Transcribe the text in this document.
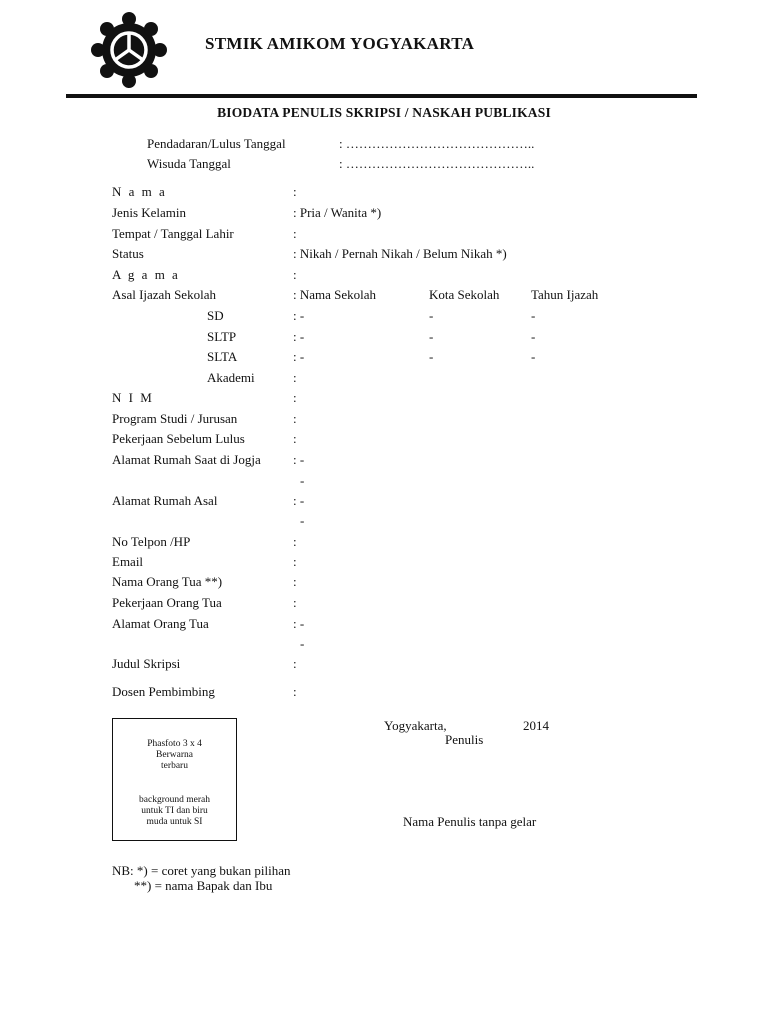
STMIK AMIKOM YOGYAKARTA
BIODATA PENULIS SKRIPSI / NASKAH PUBLIKASI
Pendadaran/Lulus Tanggal	: ……………………………………..
Wisuda Tanggal	: ……………………………………..
N a m a	:
Jenis Kelamin	: Pria / Wanita *)
Tempat / Tanggal Lahir	:
Status	: Nikah / Pernah Nikah / Belum Nikah *)
A g a m a	:
Asal Ijazah Sekolah	: Nama Sekolah	Kota Sekolah Tahun Ijazah
SD	: -	-	-
SLTP	: -	-	-
SLTA	: -	-	-
Akademi	:
N I M	:
Program Studi / Jurusan	:
Pekerjaan Sebelum Lulus	:
Alamat Rumah Saat di Jogja : -
-
Alamat Rumah Asal	: -
-
No Telpon /HP	:
Email	:
Nama Orang Tua **)	:
Pekerjaan Orang Tua	:
Alamat Orang Tua	: -
-
Judul Skripsi	:
Dosen Pembimbing	:
Phasfoto 3 x 4
Berwarna
terbaru
background merah
untuk TI dan biru
muda untuk SI
Yogyakarta,	2014
Penulis
Nama Penulis tanpa gelar
NB: *) = coret yang bukan pilihan
**) = nama Bapak dan Ibu
